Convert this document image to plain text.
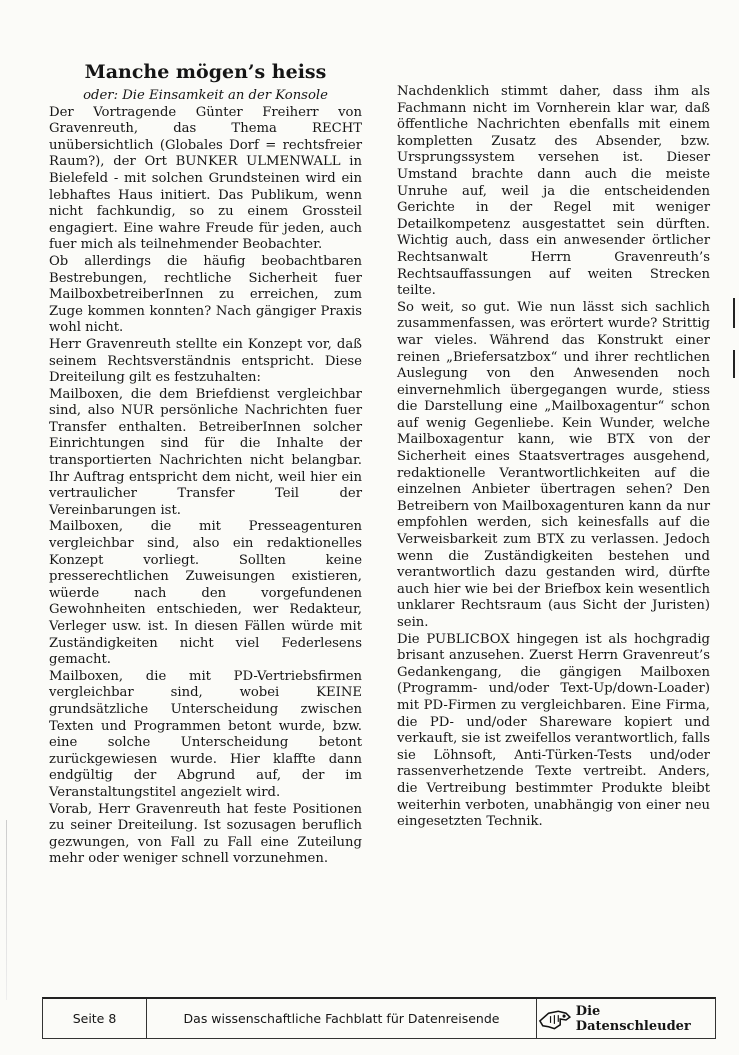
Manche mögen’s heiss

oder: Die Einsamkeit an der Konsole

Der Vortragende Günter Freiherr von Gravenreuth, das Thema RECHT unübersichtlich (Globales Dorf = rechtsfreier Raum?), der Ort BUNKER ULMENWALL in Bielefeld - mit solchen Grundsteinen wird ein lebhaftes Haus initiert. Das Publikum, wenn nicht fachkundig, so zu einem Grossteil engagiert. Eine wahre Freude für jeden, auch fuer mich als teilnehmender Beobachter.

Ob allerdings die häufig beobachtbaren Bestrebungen, rechtliche Sicherheit fuer MailboxbetreiberInnen zu erreichen, zum Zuge kommen konnten? Nach gängiger Praxis wohl nicht.

Herr Gravenreuth stellte ein Konzept vor, daß seinem Rechtsverständnis entspricht. Diese Dreiteilung gilt es festzuhalten:

Mailboxen, die dem Briefdienst vergleichbar sind, also NUR persönliche Nachrichten fuer Transfer enthalten. BetreiberInnen solcher Einrichtungen sind für die Inhalte der transportierten Nachrichten nicht belangbar. Ihr Auftrag entspricht dem nicht, weil hier ein vertraulicher Transfer Teil der Vereinbarungen ist.

Mailboxen, die mit Presseagenturen vergleichbar sind, also ein redaktionelles Konzept vorliegt. Sollten keine presserechtlichen Zuweisungen existieren, wüerde nach den vorgefundenen Gewohnheiten entschieden, wer Redakteur, Verleger usw. ist. In diesen Fällen würde mit Zuständigkeiten nicht viel Federlesens gemacht.

Mailboxen, die mit PD-Vertriebsfirmen vergleichbar sind, wobei KEINE grundsätzliche Unterscheidung zwischen Texten und Programmen betont wurde, bzw. eine solche Unterscheidung betont zurückgewiesen wurde. Hier klaffte dann endgültig der Abgrund auf, der im Veranstaltungstitel angezielt wird.

Vorab, Herr Gravenreuth hat feste Positionen zu seiner Dreiteilung. Ist sozusagen beruflich gezwungen, von Fall zu Fall eine Zuteilung mehr oder weniger schnell vorzunehmen.

Nachdenklich stimmt daher, dass ihm als Fachmann nicht im Vornherein klar war, daß öffentliche Nachrichten ebenfalls mit einem kompletten Zusatz des Absender, bzw. Ursprungssystem versehen ist. Dieser Umstand brachte dann auch die meiste Unruhe auf, weil ja die entscheidenden Gerichte in der Regel mit weniger Detailkompetenz ausgestattet sein dürften. Wichtig auch, dass ein anwesender örtlicher Rechtsanwalt Herrn Gravenreuth’s Rechtsauffassungen auf weiten Strecken teilte.

So weit, so gut. Wie nun lässt sich sachlich zusammenfassen, was erörtert wurde? Strittig war vieles. Während das Konstrukt einer reinen „Briefersatzbox“ und ihrer rechtlichen Auslegung von den Anwesenden noch einvernehmlich übergegangen wurde, stiess die Darstellung eine „Mailboxagentur“ schon auf wenig Gegenliebe. Kein Wunder, welche Mailboxagentur kann, wie BTX von der Sicherheit eines Staatsvertrages ausgehend, redaktionelle Verantwortlichkeiten auf die einzelnen Anbieter übertragen sehen? Den Betreibern von Mailboxagenturen kann da nur empfohlen werden, sich keinesfalls auf die Verweisbarkeit zum BTX zu verlassen. Jedoch wenn die Zuständigkeiten bestehen und verantwortlich dazu gestanden wird, dürfte auch hier wie bei der Briefbox kein wesentlich unklarer Rechtsraum (aus Sicht der Juristen) sein.

Die PUBLICBOX hingegen ist als hochgradig brisant anzusehen. Zuerst Herrn Gravenreut’s Gedankengang, die gängigen Mailboxen (Programm- und/oder Text-Up/down-Loader) mit PD-Firmen zu vergleichbaren. Eine Firma, die PD- und/oder Shareware kopiert und verkauft, sie ist zweifellos verantwortlich, falls sie Löhnsoft, Anti-Türken-Tests und/oder rassenverhetzende Texte vertreibt. Anders, die Vertreibung bestimmter Produkte bleibt weiterhin verboten, unabhängig von einer neu eingesetzten Technik.

Seite 8	Das wissenschaftliche Fachblatt für Datenreisende	Die Datenschleuder
